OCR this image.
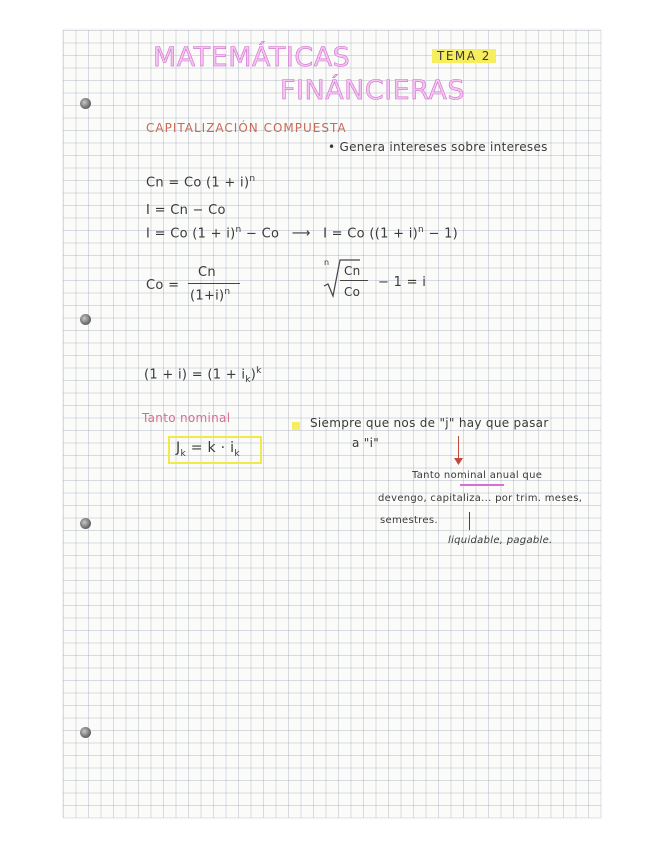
MATEMÁTICAS
FINÁNCIERAS
TEMA 2
CAPITALIZACIÓN COMPUESTA
• Genera intereses sobre intereses
Cn = Co $(1 + i)^n$
I = Cn − Co
I = Co $(1 + i)^n - Co$ ⟶ I = Co $((1 + i)^n - 1)$
Co =
Cn
$(1+i)^n$
n
Cn
Co
− 1 = i
$(1 + i) = (1 + i_k)^k$
Tanto nominal
$J_k = k \cdot i_k$
Siempre que nos de "j" hay que pasar
a "i"
Tanto nominal anual que
devengo, capitaliza... por trim. meses,
semestres.
liquidable, pagable.
